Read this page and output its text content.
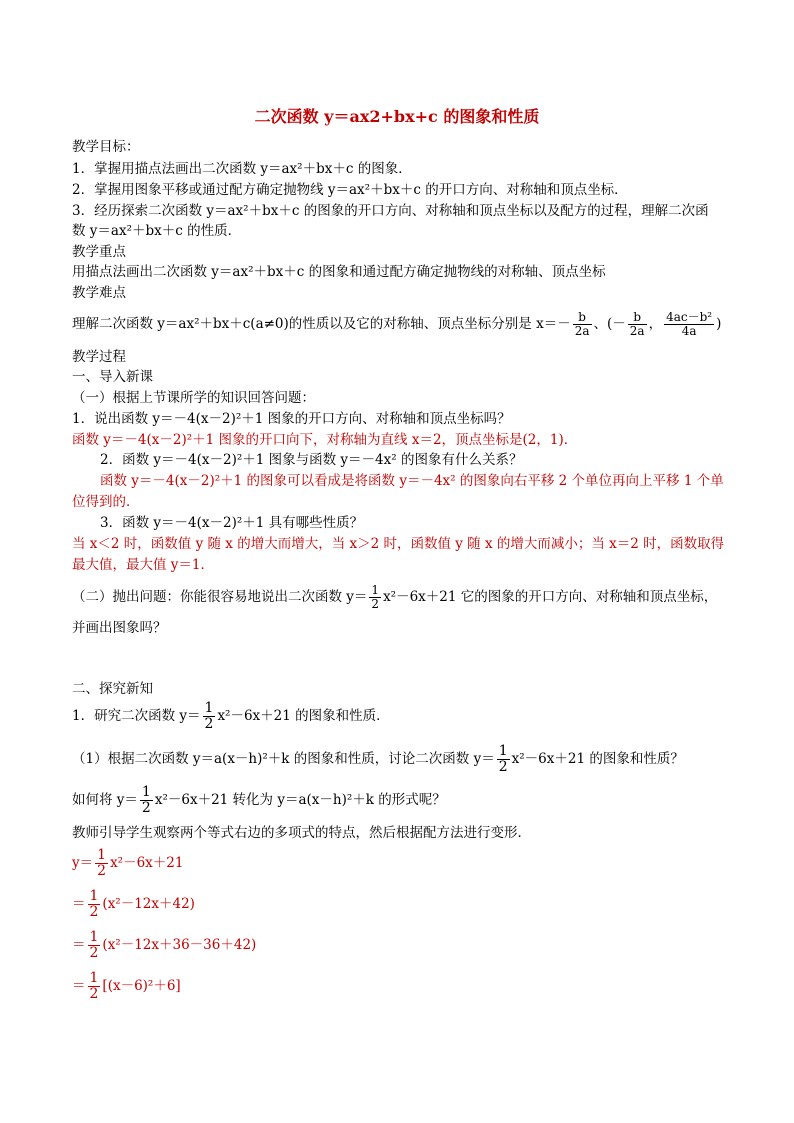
二次函数 y＝ax2+bx+c 的图象和性质
教学目标：
1．掌握用描点法画出二次函数 y＝ax²＋bx＋c 的图象．
2．掌握用图象平移或通过配方确定抛物线 y＝ax²＋bx＋c 的开口方向、对称轴和顶点坐标．
3．经历探索二次函数 y＝ax²＋bx＋c 的图象的开口方向、对称轴和顶点坐标以及配方的过程，理解二次函
数 y＝ax²＋bx＋c 的性质．
教学重点
用描点法画出二次函数 y＝ax²＋bx＋c 的图象和通过配方确定抛物线的对称轴、顶点坐标
教学难点
理解二次函数 y＝ax²＋bx＋c(a≠0)的性质以及它的对称轴、顶点坐标分别是 $x=- \frac{b}{2a}$ 、(－ $\frac{b}{2a}$ ， $\frac{\text{4ac－b²}}{4a}$ )
教学过程
一、导入新课
（一）根据上节课所学的知识回答问题：
1．说出函数 y＝－4(x－2)²＋1 图象的开口方向、对称轴和顶点坐标吗？
函数 y＝－4(x－2)²＋1 图象的开口向下，对称轴为直线 x＝2，顶点坐标是(2，1)．
2．函数 y＝－4(x－2)²＋1 图象与函数 y＝－4x² 的图象有什么关系？
函数 y＝－4(x－2)²＋1 的图象可以看成是将函数 y＝－4x² 的图象向右平移 2 个单位再向上平移 1 个单
位得到的．
3．函数 y＝－4(x－2)²＋1 具有哪些性质？
当 x＜2 时，函数值 y 随 x 的增大而增大，当 x＞2 时，函数值 y 随 x 的增大而减小；当 x＝2 时，函数取得
最大值，最大值 y＝1．
（二）抛出问题：你能很容易地说出二次函数 $y= \frac{1}{2} x^2-6x+21$ 它的图象的开口方向、对称轴和顶点坐标，
并画出图象吗？
二、探究新知
1．研究二次函数 $y= \frac{1}{2} x^2-6x+21$ 的图象和性质．
（1）根据二次函数 y＝a(x－h)²＋k 的图象和性质，讨论二次函数 $y= \frac{1}{2} x^2-6x+21$ 的图象和性质？
如何将 $y= \frac{1}{2} x^2-6x+21$ 转化为 y＝a(x－h)²＋k 的形式呢？
教师引导学生观察两个等式右边的多项式的特点，然后根据配方法进行变形．
$y= \frac{1}{2} x^2-6x+21$
＝ $\frac{1}{2} (x^2-12x+42)$
＝ $\frac{1}{2} (x^2-12x+36-36+42)$
＝ $\frac{1}{2} [(x-6)^2+6]$
